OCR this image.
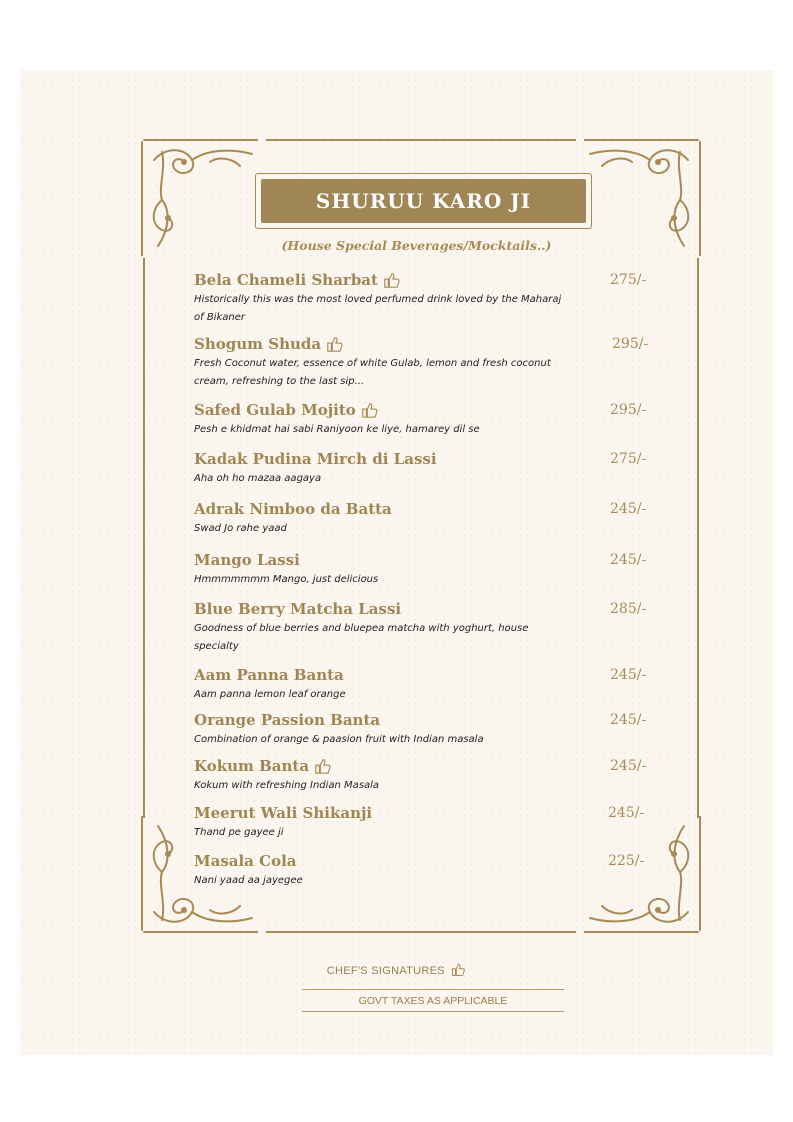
SHURUU KARO JI
(House Special Beverages/Mocktails..)
Bela Chameli Sharbat
Historically this was the most loved perfumed drink loved by the Maharaj of Bikaner
275/-
Shogum Shuda
Fresh Coconut water, essence of white Gulab, lemon and fresh coconut cream, refreshing to the last sip...
295/-
Safed Gulab Mojito
Pesh e khidmat hai sabi Raniyoon ke liye, hamarey dil se
295/-
Kadak Pudina Mirch di Lassi
Aha oh ho mazaa aagaya
275/-
Adrak Nimboo da Batta
Swad Jo rahe yaad
245/-
Mango Lassi
Hmmmmmmm Mango, just delicious
245/-
Blue Berry Matcha Lassi
Goodness of blue berries and bluepea matcha with yoghurt, house specialty
285/-
Aam Panna Banta
Aam panna lemon leaf orange
245/-
Orange Passion Banta
Combination of orange & paasion fruit with Indian masala
245/-
Kokum Banta
Kokum with refreshing Indian Masala
245/-
Meerut Wali Shikanji
Thand pe gayee ji
245/-
Masala Cola
Nani yaad aa jayegee
225/-
CHEF'S SIGNATURES
GOVT TAXES AS APPLICABLE
